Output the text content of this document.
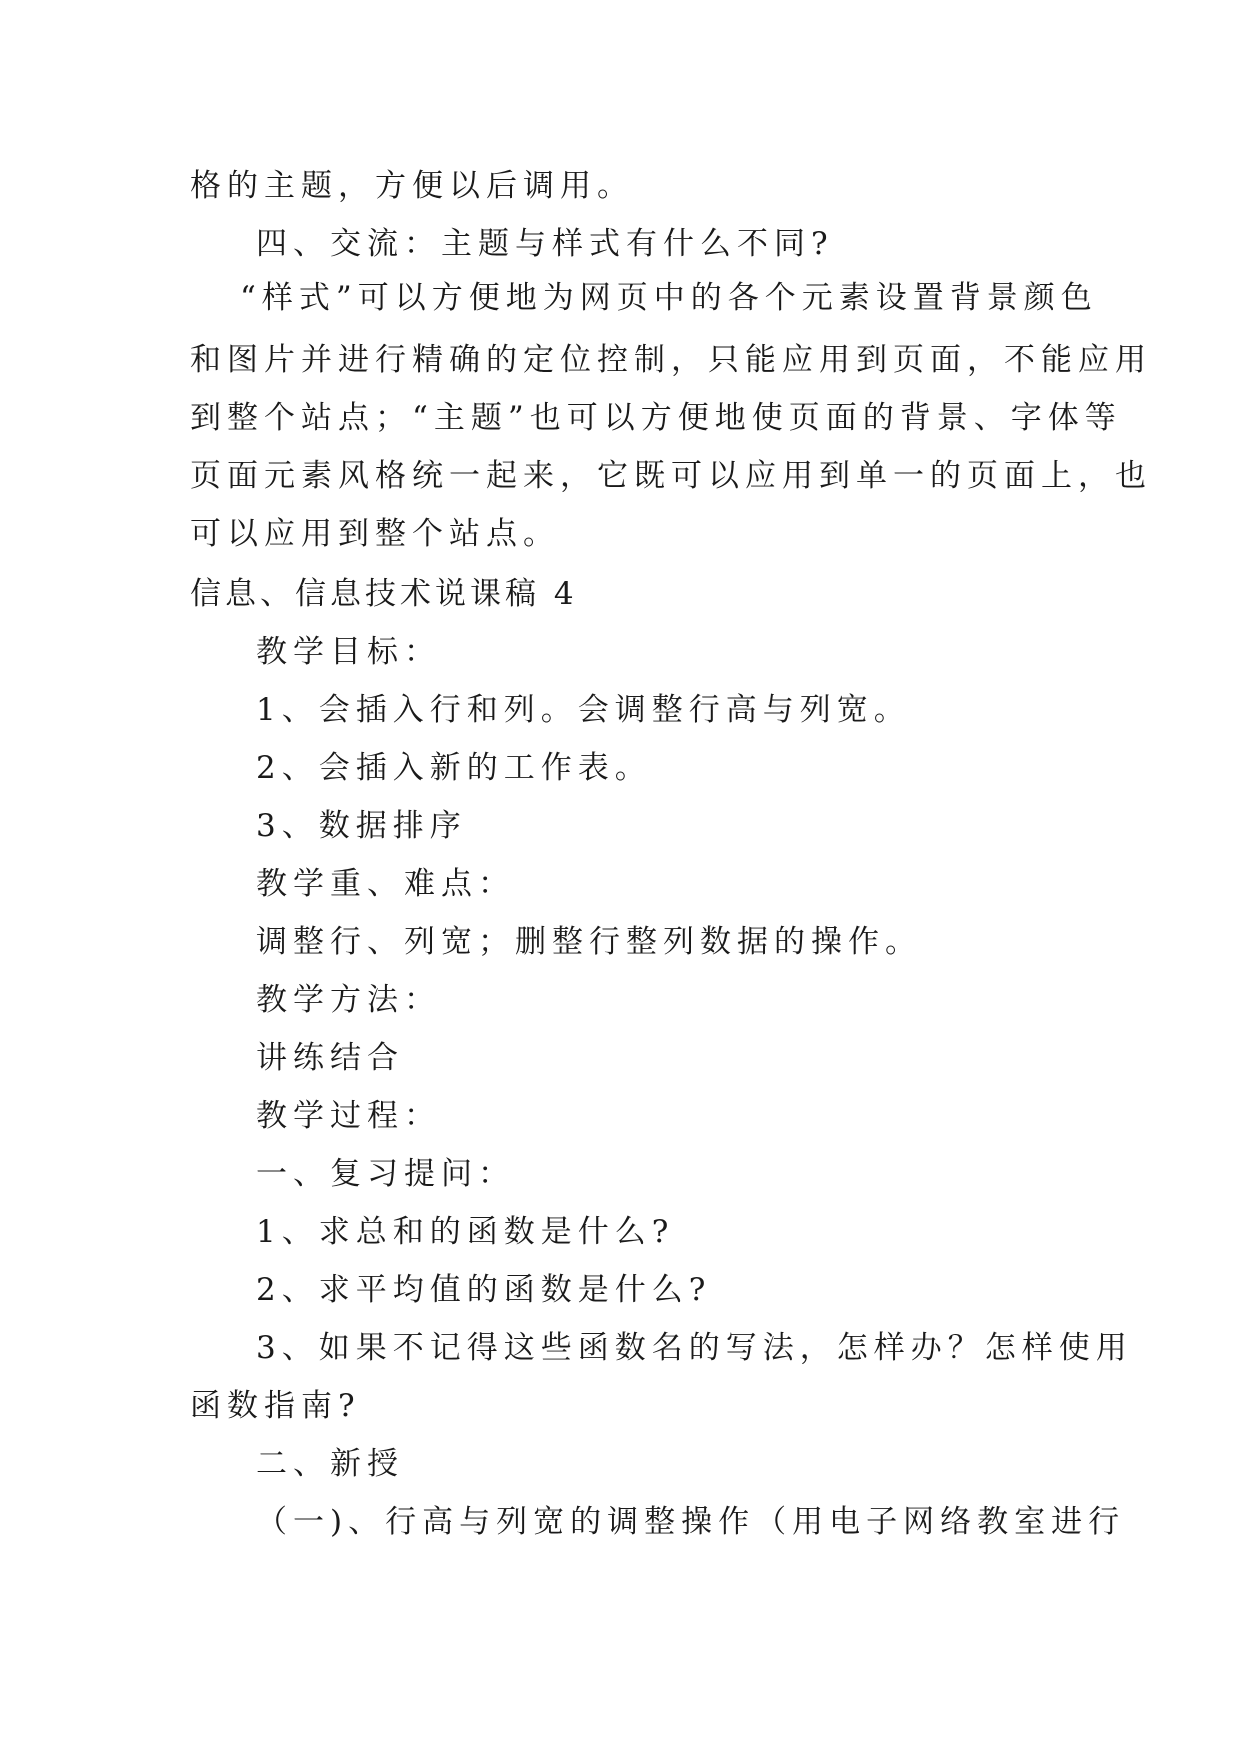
格的主题，方便以后调用。
四、交流：主题与样式有什么不同?
“样式”可以方便地为网页中的各个元素设置背景颜色
和图片并进行精确的定位控制，只能应用到页面，不能应用
到整个站点；“主题”也可以方便地使页面的背景、字体等
页面元素风格统一起来，它既可以应用到单一的页面上，也
可以应用到整个站点。
信息、信息技术说课稿 4
教学目标：
1、会插入行和列。会调整行高与列宽。
2、会插入新的工作表。
3、数据排序
教学重、难点：
调整行、列宽；删整行整列数据的操作。
教学方法：
讲练结合
教学过程：
一、复习提问：
1、求总和的函数是什么?
2、求平均值的函数是什么?
3、如果不记得这些函数名的写法，怎样办？怎样使用
函数指南?
二、新授
（一)、行高与列宽的调整操作（用电子网络教室进行
